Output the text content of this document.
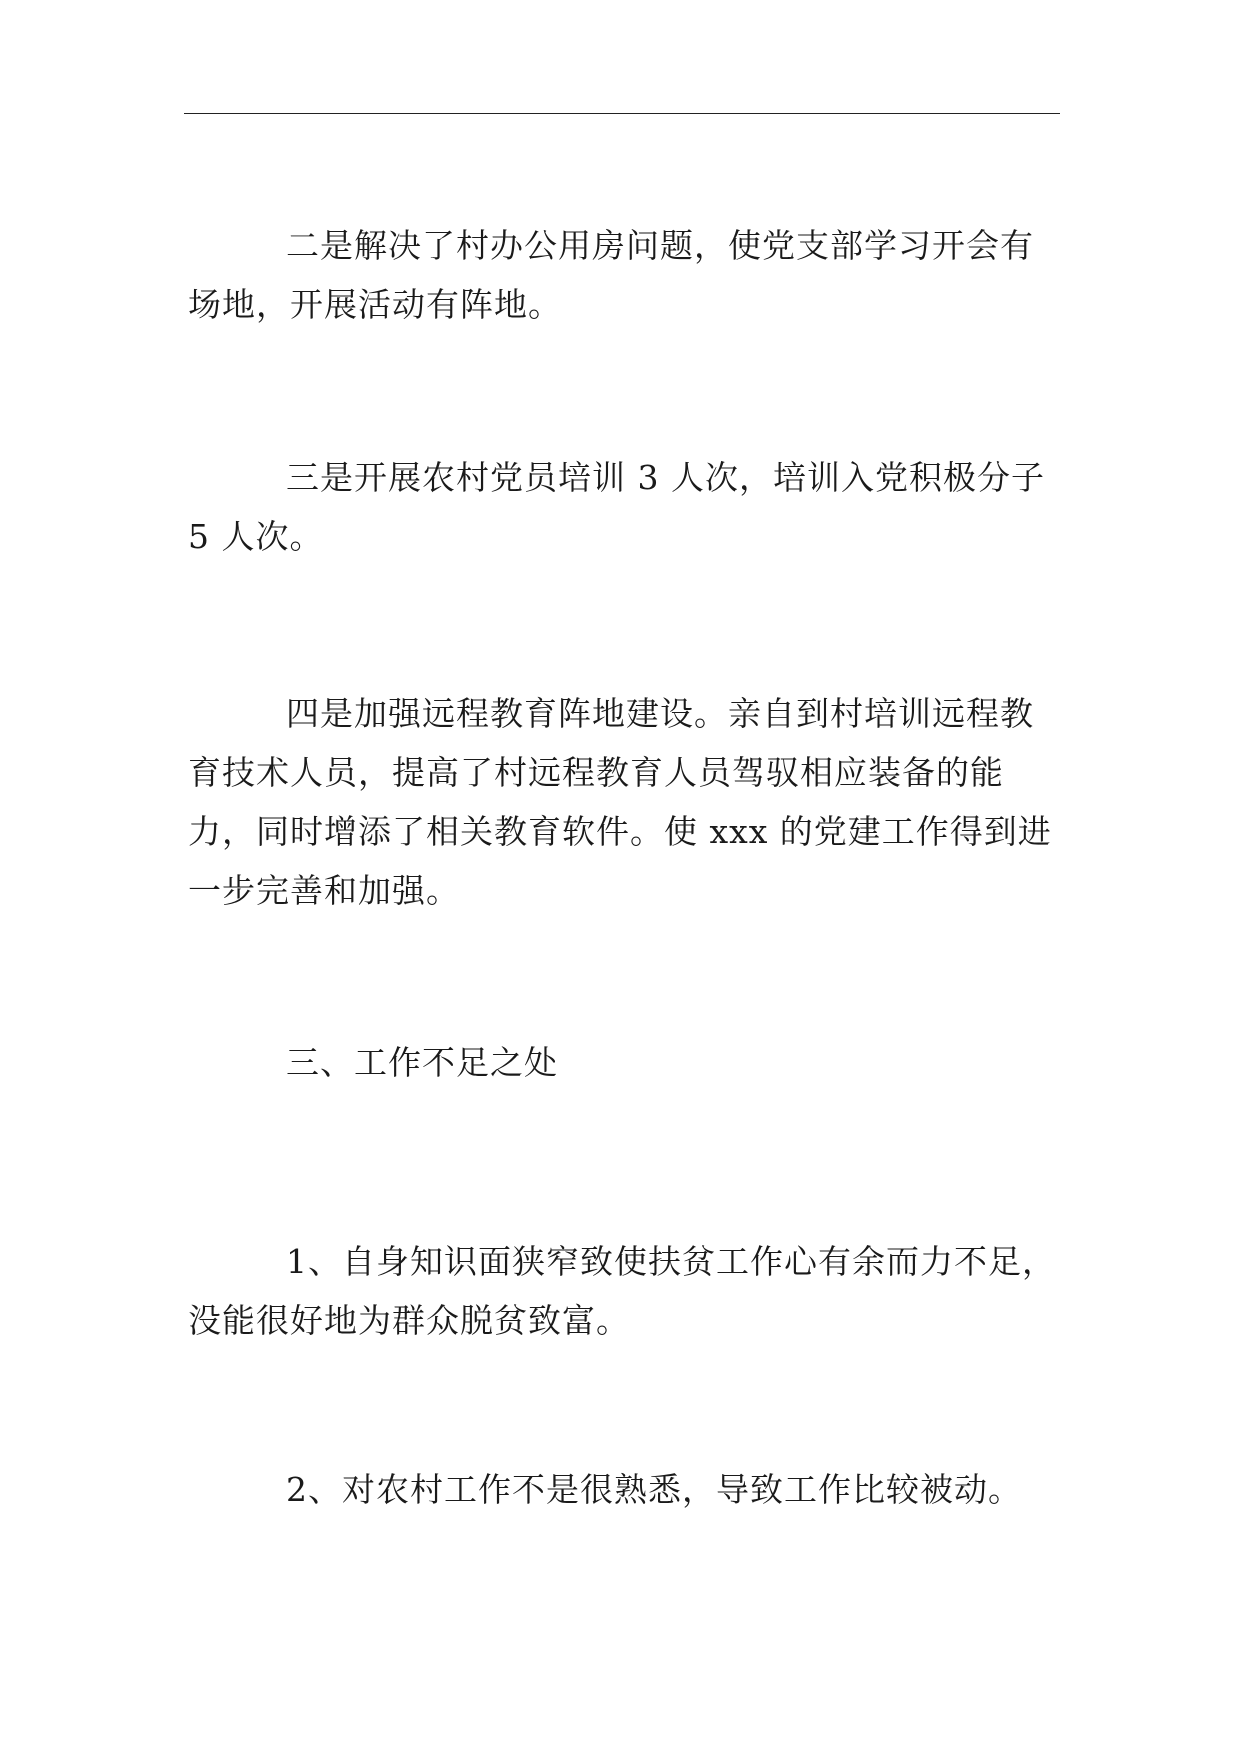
二是解决了村办公用房问题，使党支部学习开会有场地，开展活动有阵地。

三是开展农村党员培训 3 人次，培训入党积极分子 5 人次。

四是加强远程教育阵地建设。亲自到村培训远程教育技术人员，提高了村远程教育人员驾驭相应装备的能力，同时增添了相关教育软件。使 xxx 的党建工作得到进一步完善和加强。

三、工作不足之处

1、自身知识面狭窄致使扶贫工作心有余而力不足，没能很好地为群众脱贫致富。

2、对农村工作不是很熟悉，导致工作比较被动。
